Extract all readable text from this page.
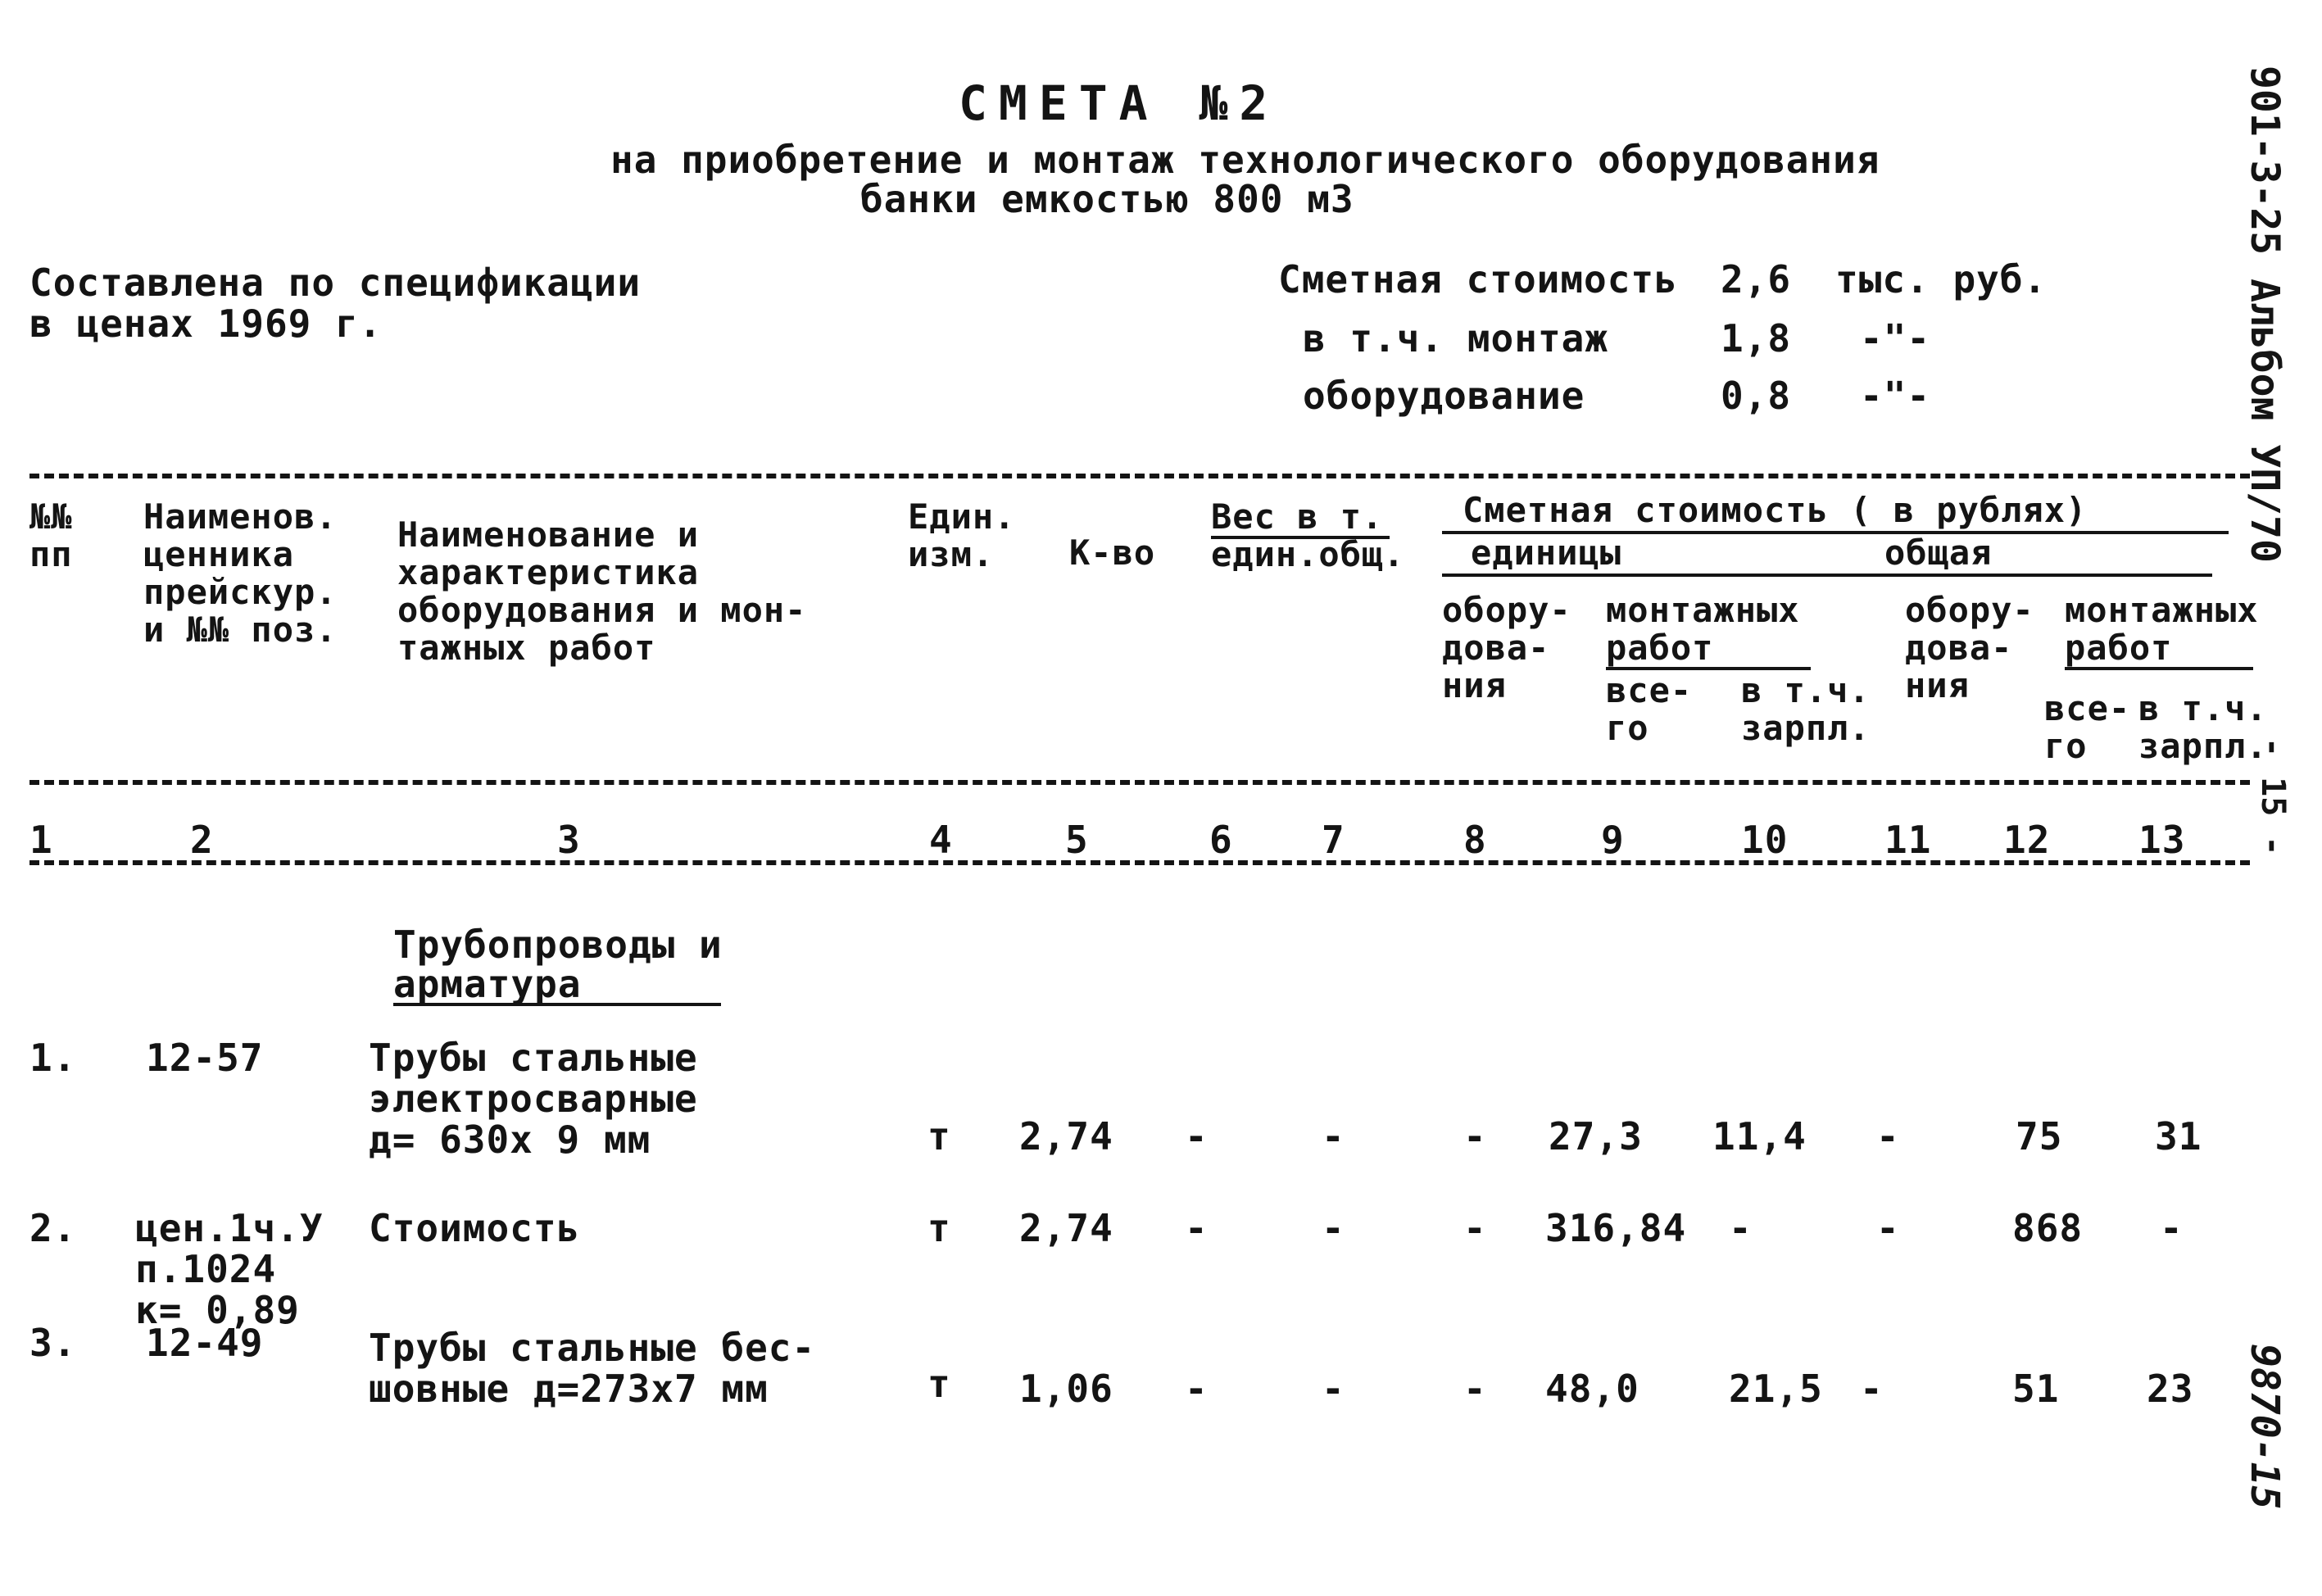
СМЕТА №2
на приобретение и монтаж технологического оборудования
банки емкостью 800 м3
Составлена по спецификации
в ценах 1969 г.
Сметная стоимость 2,6 тыс. руб.
в т.ч. монтаж	1,8 -"-
оборудование	0,8 -"-
№№
пп
Наименов.
ценника
прейскур.
и №№ поз.
Наименование и
характеристика
оборудования и мон-
тажных работ
Един.
изм.	К-во
Вес в т.
един.общ.
Сметная стоимость ( в рублях)
единицы	общая
обору-
дова-
ния
монтажных
работ
все-
го
в т.ч.
зарпл.
обору-
дова-
ния
монтажных
работ
все-
го
в т.ч.
зарпл.
1	2	3	4	5	6 7	8	9	10	11 12 13
Трубопроводы и
арматура
1. 12-57	Трубы стальные
электросварные
д= 630х 9 мм	т 2,74 -	-	- 27,3 11,4 -	75 31
2. цен.1ч.У
п.1024
к= 0,89
Стоимость	т 2,74 -	-	- 316,84 -	-	868 -
3. 12-49	Трубы стальные бес-
шовные д=273х7 мм	т 1,06 -	-	- 48,0 21,5 -	51 23
901-3-25 Альбом УП/70
- 15 -
9870-15
